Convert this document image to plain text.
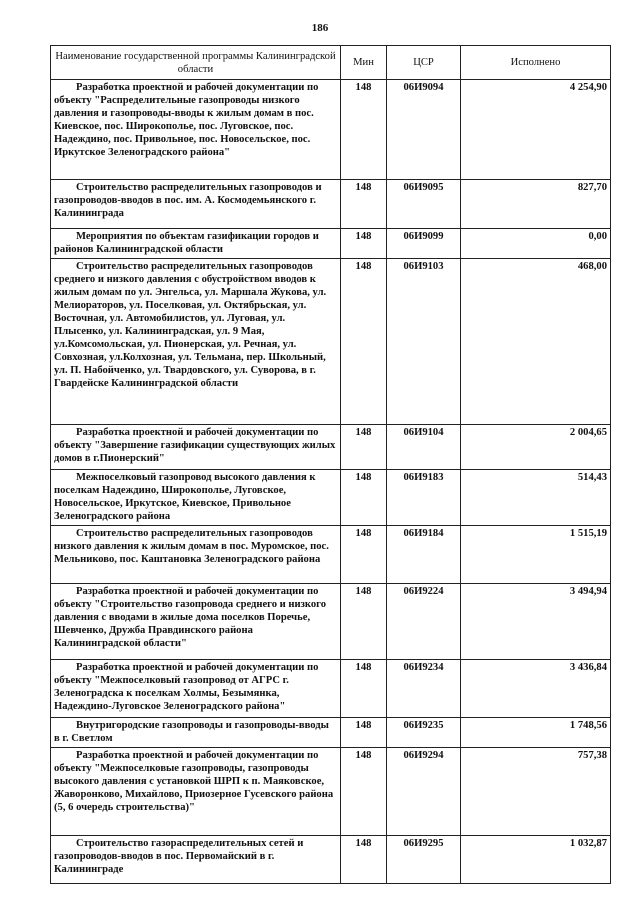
186
Наименование государственной программы Калининградской области	Мин	ЦСР	Исполнено
Разработка проектной и рабочей документации по объекту "Распределительные газопроводы низкого давления и газопроводы-вводы к жилым домам в пос. Киевское, пос. Широкополье, пос. Луговское, пос. Надеждино, пос. Привольное, пос. Новосельское, пос. Иркутское Зеленоградского района"	148	06И9094	4 254,90
Строительство распределительных газопроводов и газопроводов-вводов в пос. им. А. Космодемьянского г. Калининграда	148	06И9095	827,70
Мероприятия по объектам газификации городов и районов Калининградской области	148	06И9099	0,00
Строительство распределительных газопроводов среднего и низкого давления с обустройством вводов к жилым домам по ул. Энгельса, ул. Маршала Жукова, ул. Мелиораторов, ул. Поселковая, ул. Октябрьская, ул. Восточная, ул. Автомобилистов, ул. Луговая, ул. Плысенко, ул. Калининградская, ул. 9 Мая, ул.Комсомольская, ул. Пионерская, ул. Речная, ул. Совхозная, ул.Колхозная, ул. Тельмана, пер. Школьный, ул. П. Набойченко, ул. Твардовского, ул. Суворова, в г. Гвардейске Калининградской области	148	06И9103	468,00
Разработка проектной и рабочей документации по объекту "Завершение газификации существующих жилых домов в г.Пионерский"	148	06И9104	2 004,65
Межпоселковый газопровод высокого давления к поселкам Надеждино, Широкополье, Луговское, Новосельское, Иркутское, Киевское, Привольное Зеленоградского района	148	06И9183	514,43
Строительство распределительных газопроводов низкого давления к жилым домам в пос. Муромское, пос. Мельниково, пос. Каштановка Зеленоградского района	148	06И9184	1 515,19
Разработка проектной и рабочей документации по объекту "Строительство газопровода среднего и низкого давления с вводами в жилые дома поселков Поречье, Шевченко, Дружба Правдинского района Калининградской области"	148	06И9224	3 494,94
Разработка проектной и рабочей документации по объекту "Межпоселковый газопровод от АГРС г. Зеленоградска к поселкам Холмы, Безымянка, Надеждино-Луговское Зеленоградского района"	148	06И9234	3 436,84
Внутригородские газопроводы и газопроводы-вводы в г. Светлом	148	06И9235	1 748,56
Разработка проектной и рабочей документации по объекту "Межпоселковые газопроводы, газопроводы высокого давления с установкой ШРП к п. Маяковское, Жаворонково, Михайлово, Приозерное Гусевского района (5, 6 очередь строительства)"	148	06И9294	757,38
Строительство газораспределительных сетей и газопроводов-вводов в пос. Первомайский в г. Калининграде	148	06И9295	1 032,87
